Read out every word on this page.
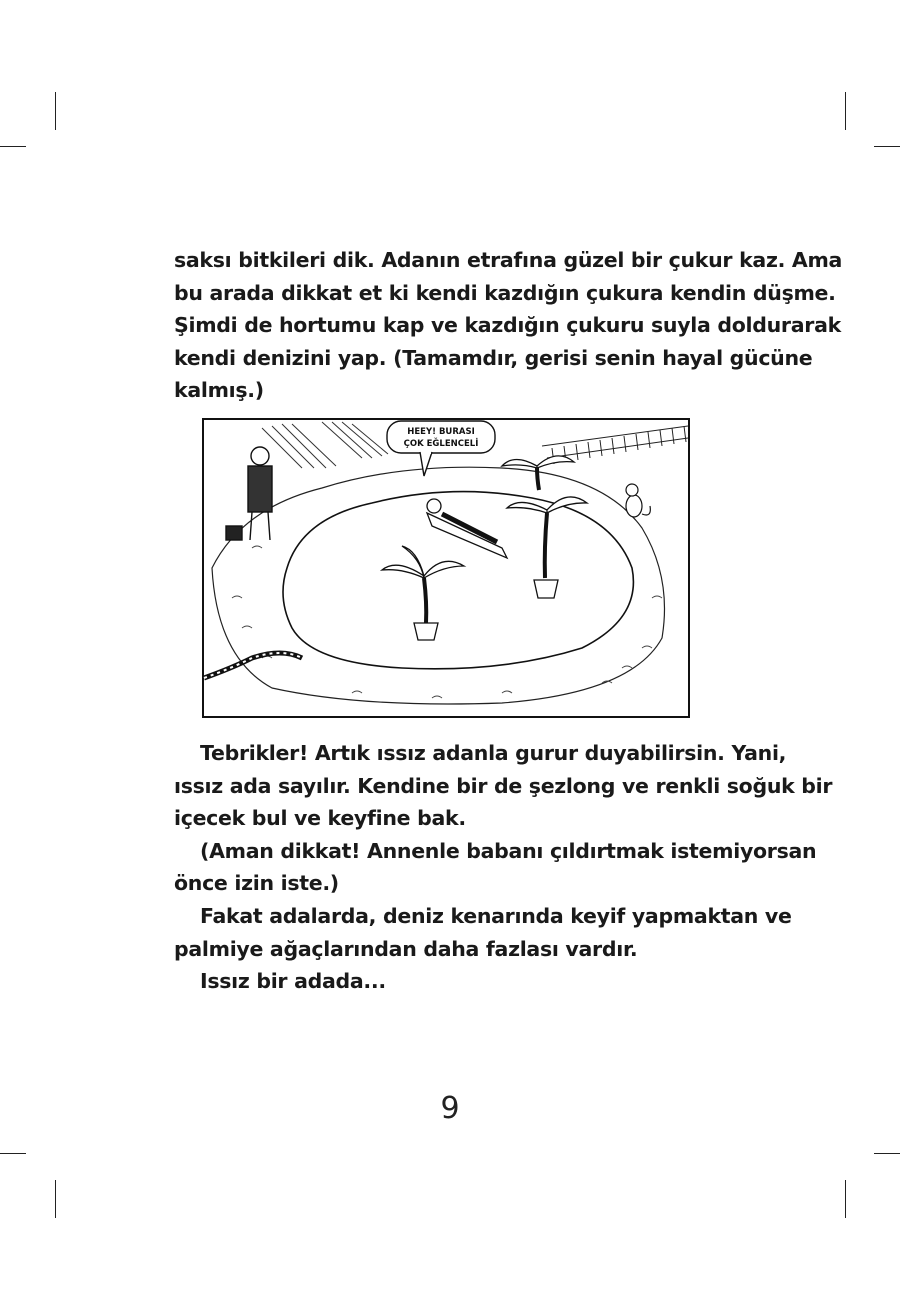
saksı bitkileri dik. Adanın etrafına güzel bir çukur kaz. Ama
bu arada dikkat et ki kendi kazdığın çukura kendin düşme.
Şimdi de hortumu kap ve kazdığın çukuru suyla doldurarak
kendi denizini yap. (Tamamdır, gerisi senin hayal gücüne
kalmış.)
HEEY! BURASI
ÇOK EĞLENCELİ
Tebrikler! Artık ıssız adanla gurur duyabilirsin. Yani,
ıssız ada sayılır. Kendine bir de şezlong ve renkli soğuk bir
içecek bul ve keyfine bak.
(Aman dikkat! Annenle babanı çıldırtmak istemiyorsan
önce izin iste.)
Fakat adalarda, deniz kenarında keyif yapmaktan ve
palmiye ağaçlarından daha fazlası vardır.
Issız bir adada...
9
